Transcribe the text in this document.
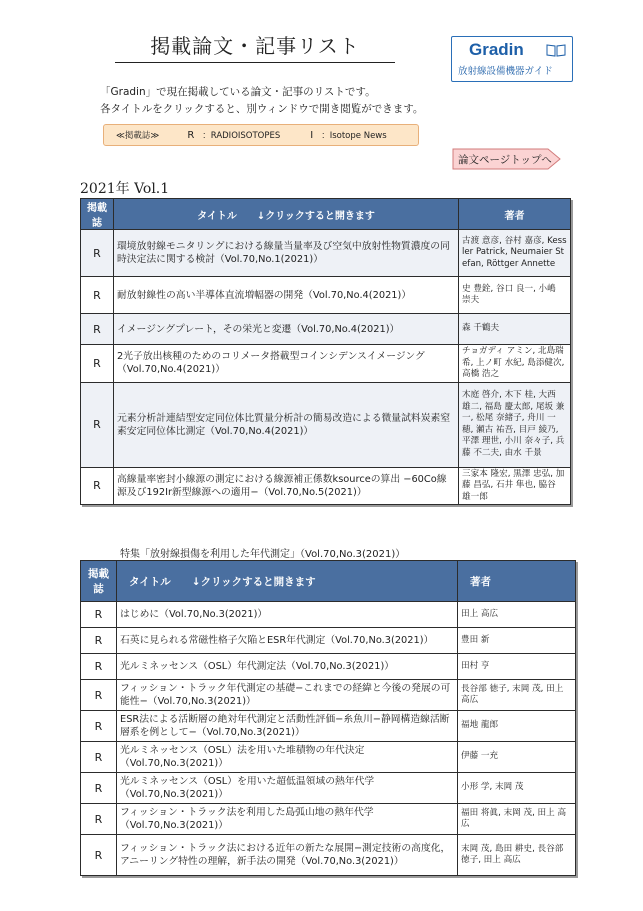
掲載論文・記事リスト	Gradin
放射線設備機器ガイド
「Gradin」で現在掲載している論文・記事のリストです。
各タイトルをクリックすると、別ウィンドウで開き閲覧ができます。
≪掲載誌≫	R ：RADIOISOTOPES	I ：Isotope News
論文ページトップへ
2021年 Vol.1
掲載誌	タイトル　　↓クリックすると開きます	著者
R	環境放射線モニタリングにおける線量当量率及び空気中放射性物質濃度の同時決定法に関する検討（Vol.70,No.1(2021)）	古渡 意彦, 谷村 嘉彦, Kessler Patrick, Neumaier Stefan, Röttger Annette
R	耐放射線性の高い半導体直流増幅器の開発（Vol.70,No.4(2021)）	史 豊銓, 谷口 良一, 小嶋 崇夫
R	イメージングプレート，その栄光と変遷（Vol.70,No.4(2021)）	森 千鶴夫
R	2光子放出核種のためのコリメータ搭載型コインシデンスイメージング（Vol.70,No.4(2021)）	チョガディ アミン, 北島瑞希, 上ノ町 水紀, 島添健次, 高橋 浩之
R	元素分析計連結型安定同位体比質量分析計の簡易改造による微量試料炭素窒素安定同位体比測定（Vol.70,No.4(2021)）	木庭 啓介, 木下 桂, 大西 雄二, 福島 慶太郎, 尾坂 兼一, 松尾 奈緒子, 舟川 一穂, 瀬古 祐吾, 目戸 綾乃, 平澤 理世, 小川 奈々子, 兵藤 不二夫, 由水 千景
R	高線量率密封小線源の測定における線源補正係数ksourceの算出 −60Co線源及び192Ir新型線源への適用−（Vol.70,No.5(2021)）	三家本 隆宏, 黒澤 忠弘, 加藤 昌弘, 石井 隼也, 脇谷 雄一郎
特集「放射線損傷を利用した年代測定」（Vol.70,No.3(2021)）
掲載誌	タイトル　　↓クリックすると開きます	著者
R	はじめに（Vol.70,No.3(2021)）	田上 高広
R	石英に見られる常磁性格子欠陥とESR年代測定（Vol.70,No.3(2021)）	豊田 新
R	光ルミネッセンス（OSL）年代測定法（Vol.70,No.3(2021)）	田村 亨
R	フィッション・トラック年代測定の基礎−これまでの経緯と今後の発展の可能性−（Vol.70,No.3(2021)）	長谷部 徳子, 末岡 茂, 田上 高広
R	ESR法による活断層の絶対年代測定と活動性評価−糸魚川−静岡構造線活断層系を例として−（Vol.70,No.3(2021)）	福地 龍郎
R	光ルミネッセンス（OSL）法を用いた堆積物の年代決定（Vol.70,No.3(2021)）	伊藤 一充
R	光ルミネッセンス（OSL）を用いた超低温領域の熱年代学（Vol.70,No.3(2021)）	小形 学, 末岡 茂
R	フィッション・トラック法を利用した島弧山地の熱年代学（Vol.70,No.3(2021)）	福田 将眞, 末岡 茂, 田上 高広
R	フィッション・トラック法における近年の新たな展開−測定技術の高度化，アニーリング特性の理解，新手法の開発（Vol.70,No.3(2021)）	末岡 茂, 島田 耕史, 長谷部 徳子, 田上 高広
